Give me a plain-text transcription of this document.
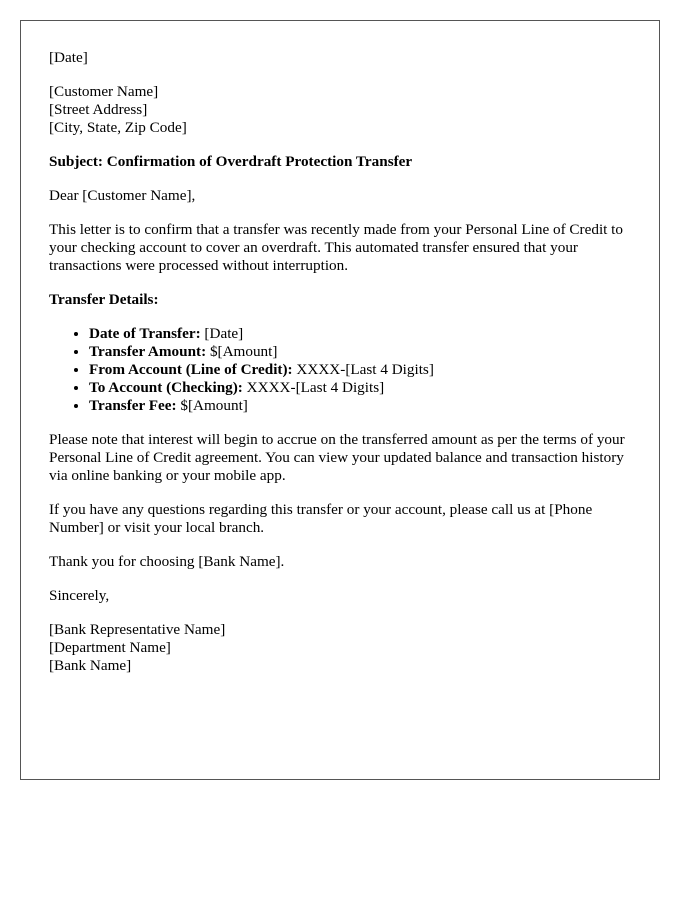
[Date]

[Customer Name]
[Street Address]
[City, State, Zip Code]

Subject: Confirmation of Overdraft Protection Transfer

Dear [Customer Name],

This letter is to confirm that a transfer was recently made from your Personal Line of Credit to your checking account to cover an overdraft. This automated transfer ensured that your transactions were processed without interruption.

Transfer Details:

• Date of Transfer: [Date]
• Transfer Amount: $[Amount]
• From Account (Line of Credit): XXXX-[Last 4 Digits]
• To Account (Checking): XXXX-[Last 4 Digits]
• Transfer Fee: $[Amount]

Please note that interest will begin to accrue on the transferred amount as per the terms of your Personal Line of Credit agreement. You can view your updated balance and transaction history via online banking or your mobile app.

If you have any questions regarding this transfer or your account, please call us at [Phone Number] or visit your local branch.

Thank you for choosing [Bank Name].

Sincerely,

[Bank Representative Name]
[Department Name]
[Bank Name]
